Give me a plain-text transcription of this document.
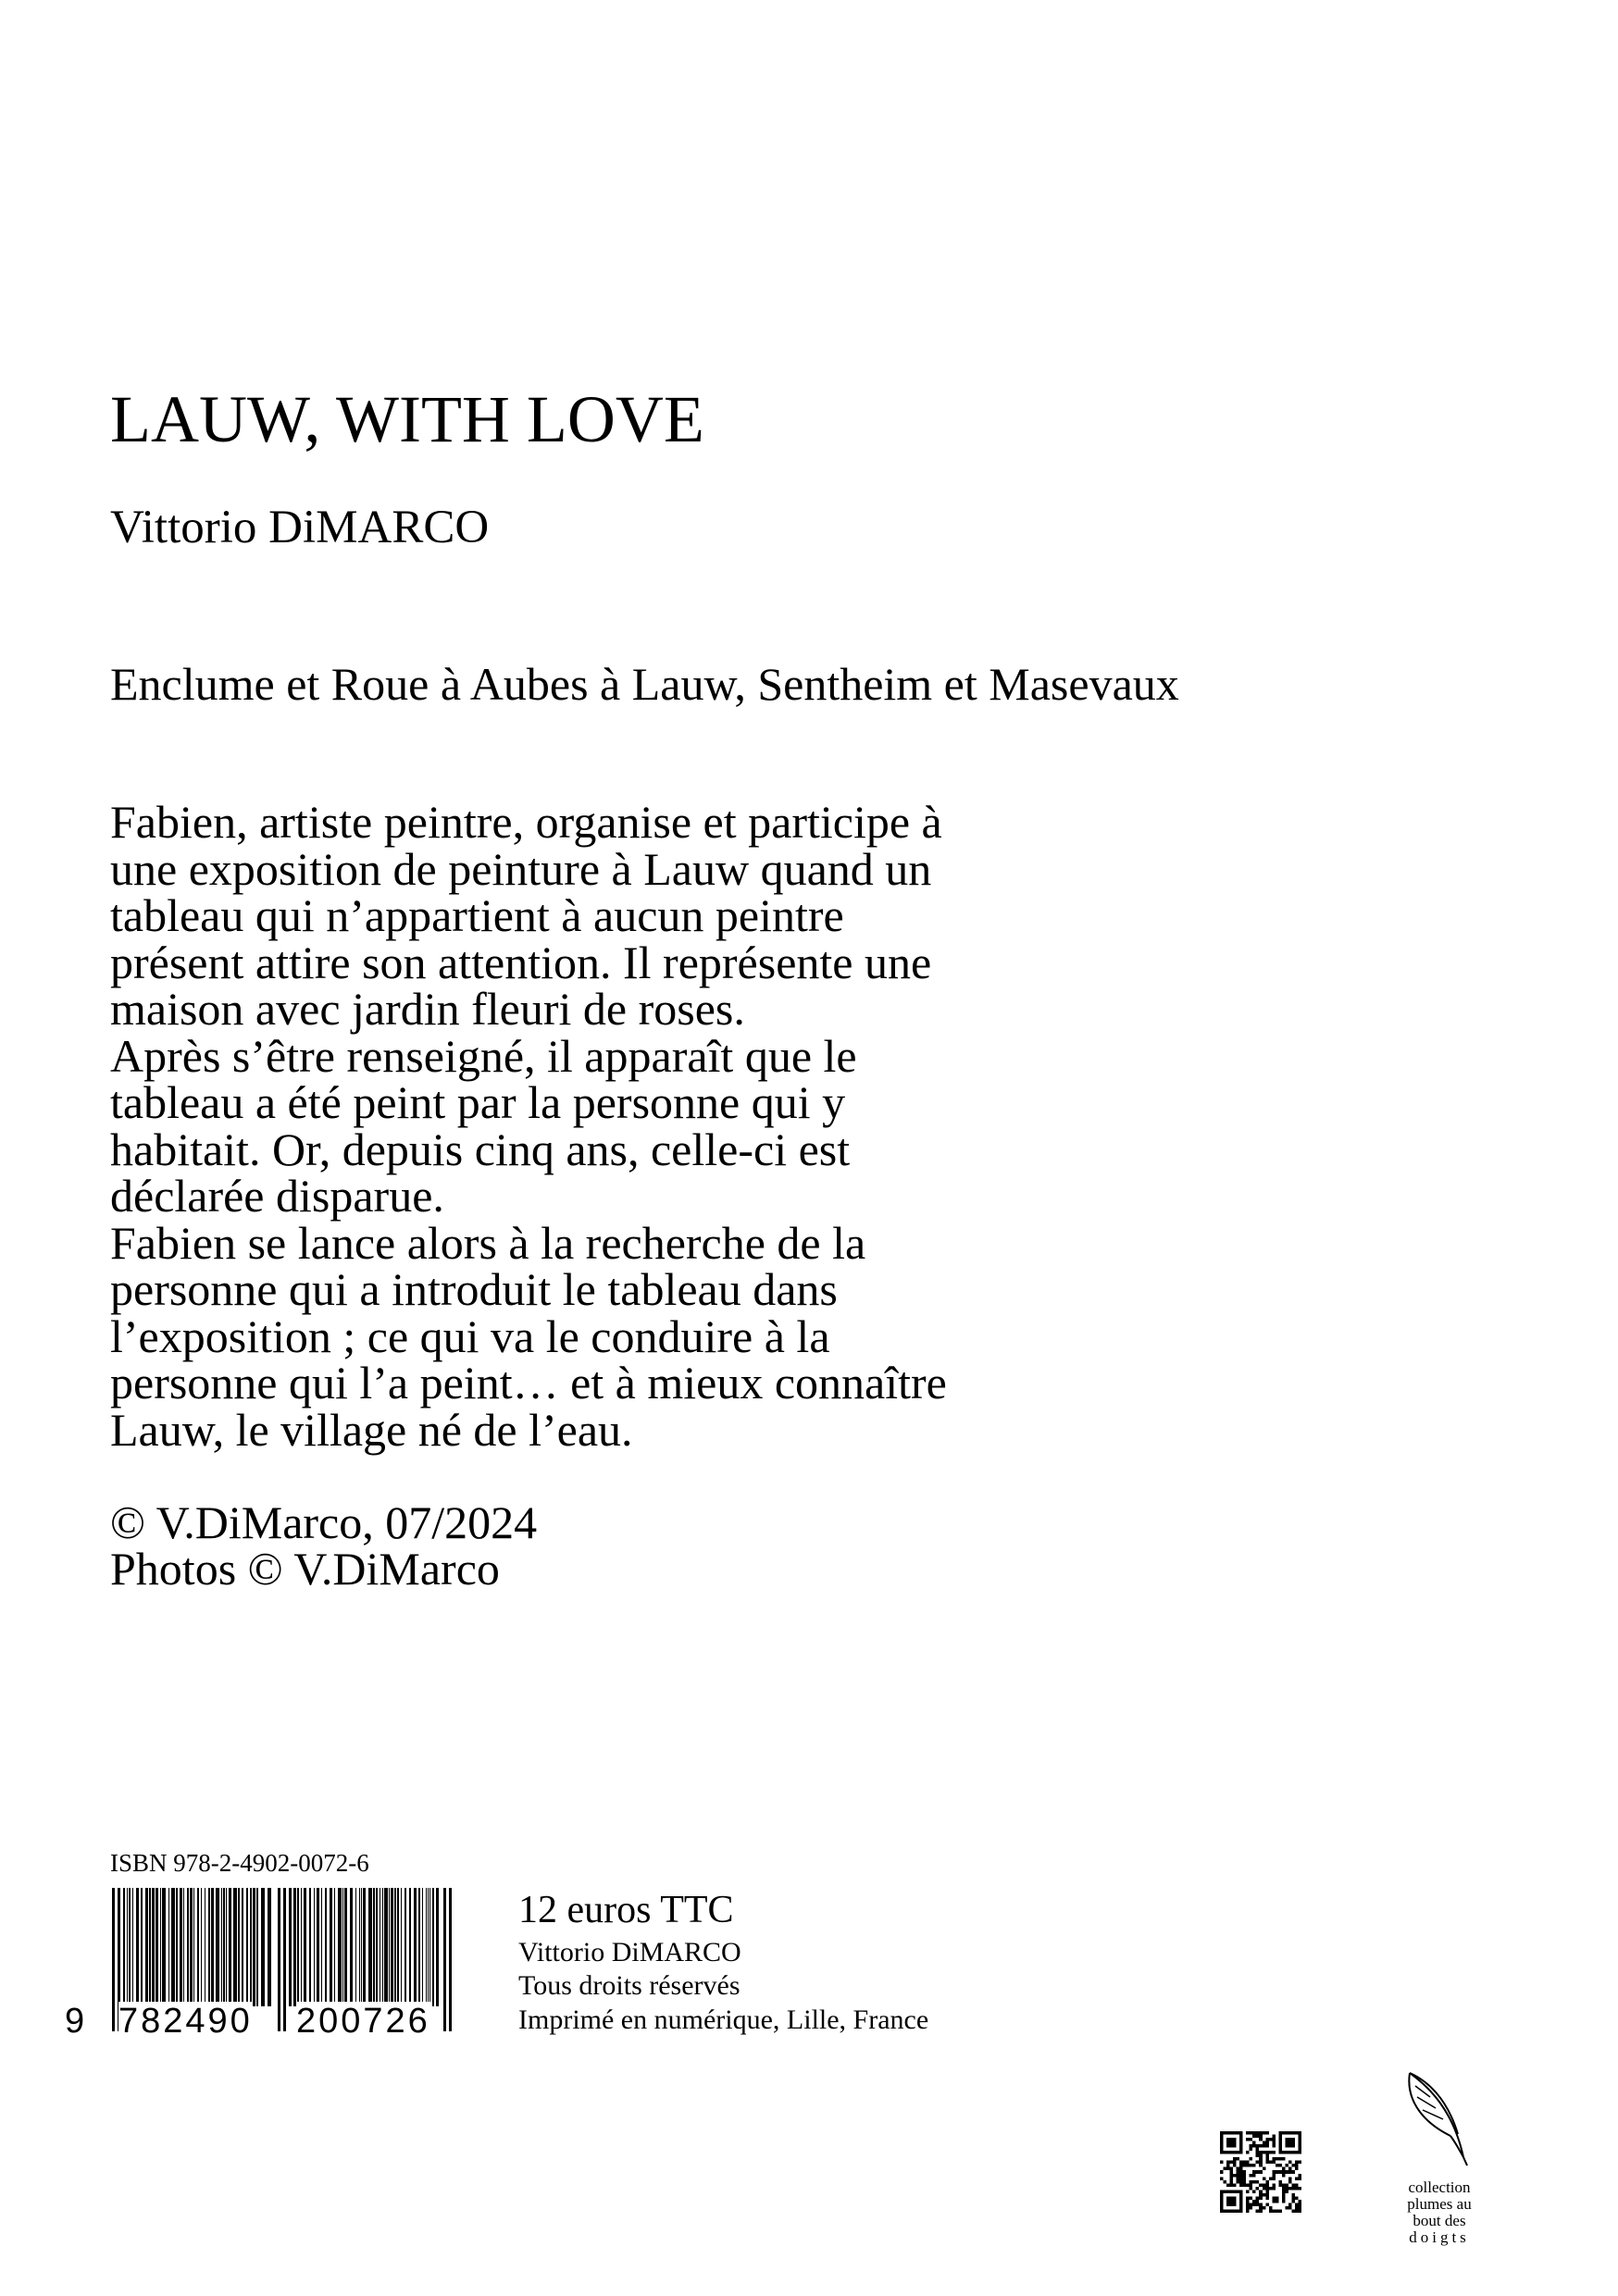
LAUW, WITH LOVE
Vittorio DiMARCO
Enclume et Roue à Aubes à Lauw, Sentheim et Masevaux
Fabien, artiste peintre, organise et participe à
une exposition de peinture à Lauw quand un
tableau qui n’appartient à aucun peintre
présent attire son attention. Il représente une
maison avec jardin fleuri de roses.
Après s’être renseigné, il apparaît que le
tableau a été peint par la personne qui y
habitait. Or, depuis cinq ans, celle-ci est
déclarée disparue.
Fabien se lance alors à la recherche de la
personne qui a introduit le tableau dans
l’exposition ; ce qui va le conduire à la
personne qui l’a peint… et à mieux connaître
Lauw, le village né de l’eau.
© V.DiMarco, 07/2024
Photos © V.DiMarco
ISBN 978-2-4902-0072-6
9 782490 200726
12 euros TTC
Vittorio DiMARCO
Tous droits réservés
Imprimé en numérique, Lille, France
collection
plumes au
bout des
doigts
